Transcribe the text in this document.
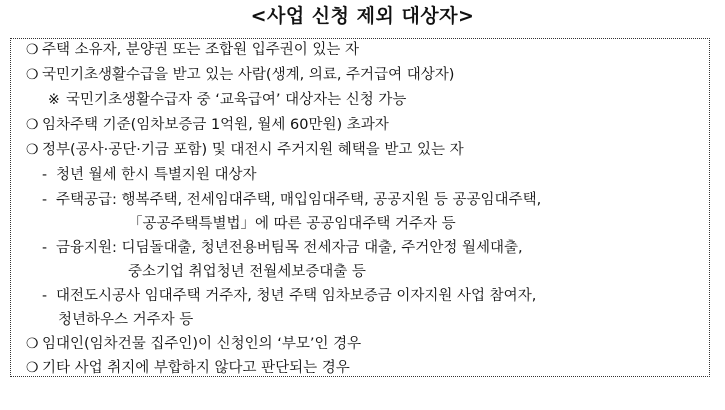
<사업 신청 제외 대상자>
❍ 주택 소유자, 분양권 또는 조합원 입주권이 있는 자
❍ 국민기초생활수급을 받고 있는 사람(생계, 의료, 주거급여 대상자)
※ 국민기초생활수급자 중 ‘교육급여’ 대상자는 신청 가능
❍ 임차주택 기준(임차보증금 1억원, 월세 60만원) 초과자
❍ 정부(공사·공단·기금 포함) 및 대전시 주거지원 혜택을 받고 있는 자
- 청년 월세 한시 특별지원 대상자
- 주택공급: 행복주택, 전세임대주택, 매입임대주택, 공공지원 등 공공임대주택,
「공공주택특별법」에 따른 공공임대주택 거주자 등
- 금융지원: 디딤돌대출, 청년전용버팀목 전세자금 대출, 주거안정 월세대출,
중소기업 취업청년 전월세보증대출 등
- 대전도시공사 임대주택 거주자, 청년 주택 임차보증금 이자지원 사업 참여자,
청년하우스 거주자 등
❍ 임대인(임차건물 집주인)이 신청인의 ‘부모’인 경우
❍ 기타 사업 취지에 부합하지 않다고 판단되는 경우
